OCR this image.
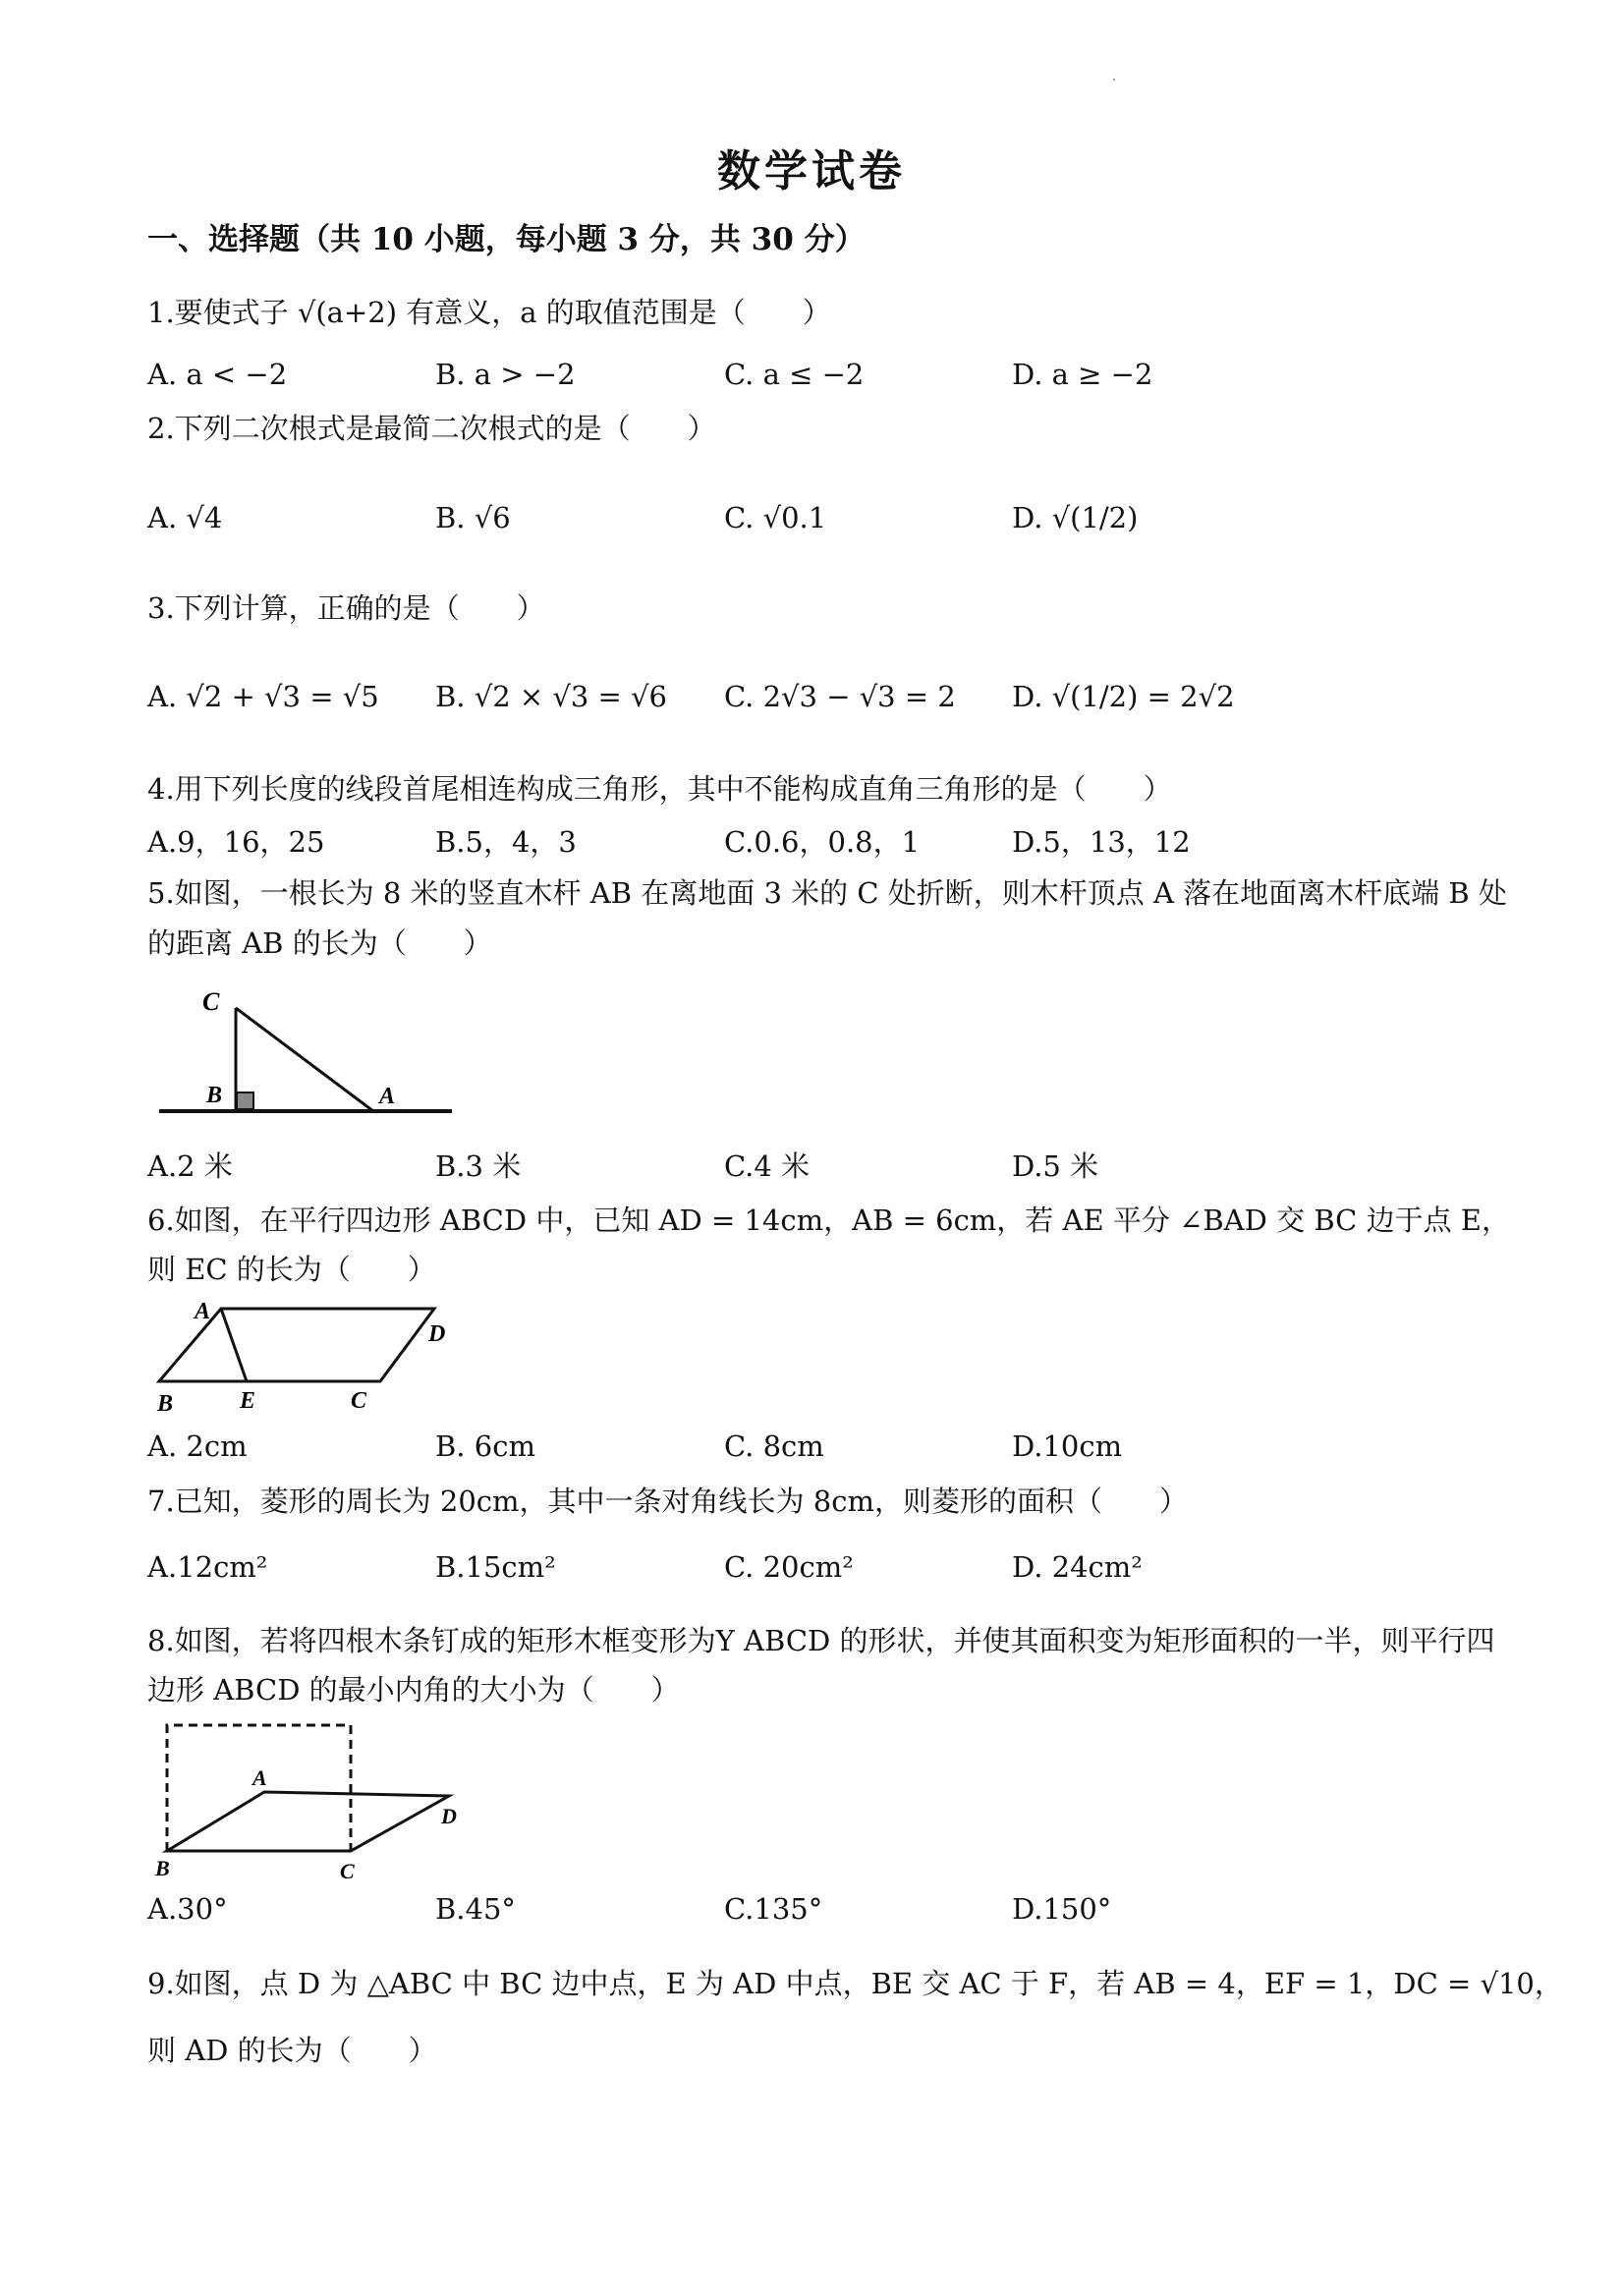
数学试卷
一、选择题（共 10 小题，每小题 3 分，共 30 分）
1.要使式子 √(a+2) 有意义，a 的取值范围是（　　）
A. a < −2	B. a > −2	C. a ≤ −2	D. a ≥ −2
2.下列二次根式是最简二次根式的是（　　）
A. √4	B. √6	C. √0.1	D. √(1/2)
3.下列计算，正确的是（　　）
A. √2 + √3 = √5 B. √2 × √3 = √6 C. 2√3 − √3 = 2 D. √(1/2) = 2√2
4.用下列长度的线段首尾相连构成三角形，其中不能构成直角三角形的是（　　）
A.9，16，25	B.5，4，3	C.0.6，0.8，1	D.5，13，12
5.如图，一根长为 8 米的竖直木杆 AB 在离地面 3 米的 C 处折断，则木杆顶点 A 落在地面离木杆底端 B 处
的距离 AB 的长为（　　）
C
B	A
A.2 米	B.3 米	C.4 米	D.5 米
6.如图，在平行四边形 ABCD 中，已知 AD = 14cm，AB = 6cm，若 AE 平分 ∠BAD 交 BC 边于点 E，
则 EC 的长为（　　）
A
D
B	E	C
A. 2cm	B. 6cm	C. 8cm	D.10cm
7.已知，菱形的周长为 20cm，其中一条对角线长为 8cm，则菱形的面积（　　）
A.12cm²	B.15cm²	C. 20cm²	D. 24cm²
8.如图，若将四根木条钉成的矩形木框变形为Y ABCD 的形状，并使其面积变为矩形面积的一半，则平行四
边形 ABCD 的最小内角的大小为（　　）
A
D
B	C
A.30°	B.45°	C.135°	D.150°
9.如图，点 D 为 △ABC 中 BC 边中点，E 为 AD 中点，BE 交 AC 于 F，若 AB = 4，EF = 1，DC = √10，
则 AD 的长为（　　）
